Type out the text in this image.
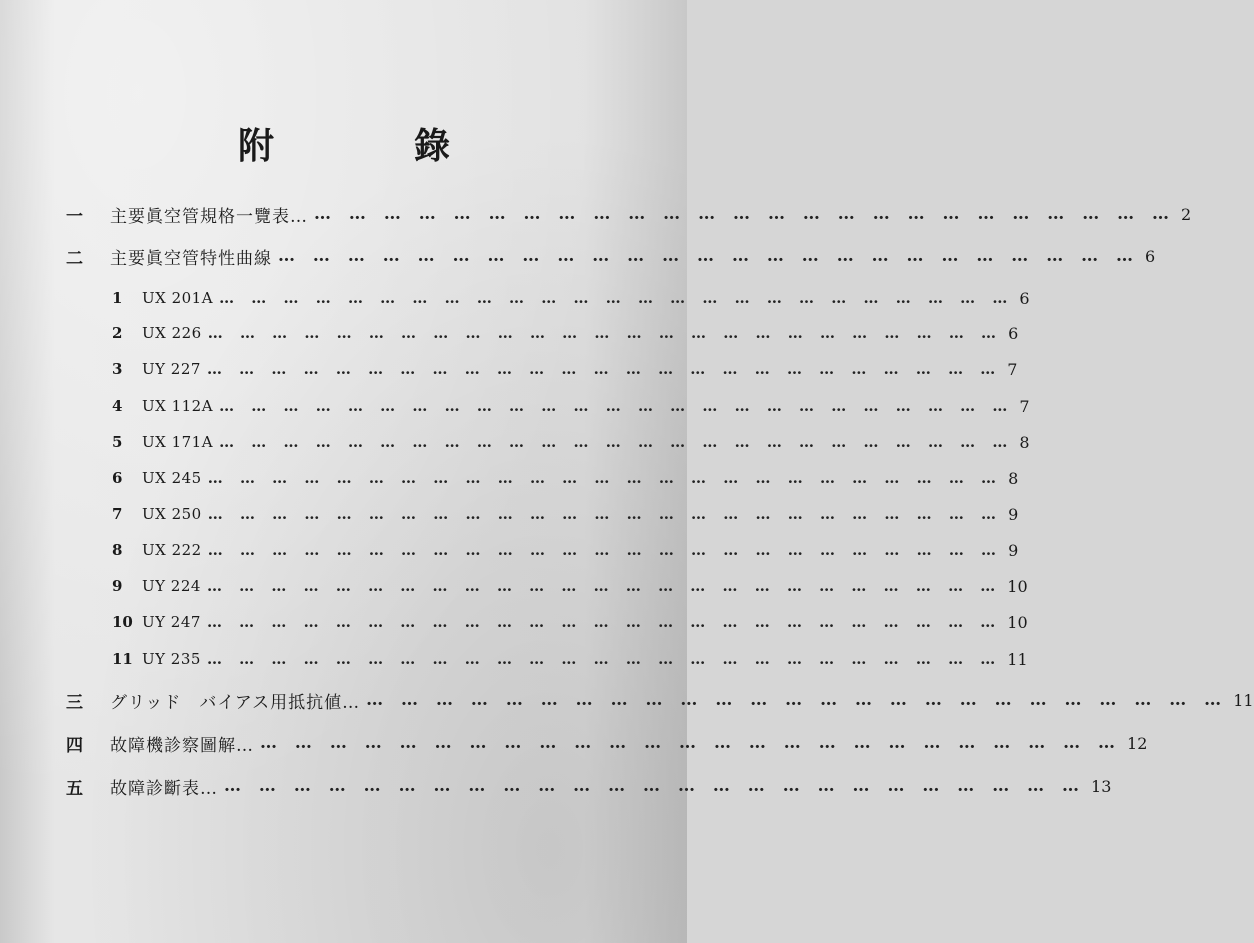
附	錄
一	主要眞空管規格一覽表… … … … … … … … … … … … … … … … … … … … … … … … … … 2
二	主要眞空管特性曲線 … … … … … … … … … … … … … … … … … … … … … … … … … 6
1	UX 201A … … … … … … … … … … … … … … … … … … … … … … … … … 6
2	UX 226 … … … … … … … … … … … … … … … … … … … … … … … … … 6
3	UY 227 … … … … … … … … … … … … … … … … … … … … … … … … … 7
4	UX 112A … … … … … … … … … … … … … … … … … … … … … … … … … 7
5	UX 171A … … … … … … … … … … … … … … … … … … … … … … … … … 8
6	UX 245 … … … … … … … … … … … … … … … … … … … … … … … … … 8
7	UX 250 … … … … … … … … … … … … … … … … … … … … … … … … … 9
8	UX 222 … … … … … … … … … … … … … … … … … … … … … … … … … 9
9	UY 224 … … … … … … … … … … … … … … … … … … … … … … … … … 10
10 UY 247 … … … … … … … … … … … … … … … … … … … … … … … … … 10
11 UY 235 … … … … … … … … … … … … … … … … … … … … … … … … … 11
三	グリッド　バイアス用抵抗値… … … … … … … … … … … … … … … … … … … … … … … … … … 11
四	故障機診察圖解… … … … … … … … … … … … … … … … … … … … … … … … … … 12
五	故障診斷表… … … … … … … … … … … … … … … … … … … … … … … … … … 13
